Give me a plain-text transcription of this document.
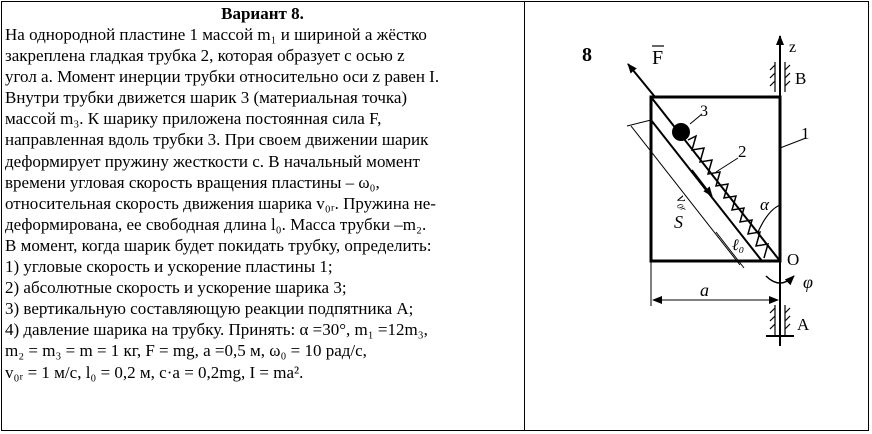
Вариант 8.
На однородной пластине 1 массой m₁ и шириной a жёстко
закреплена гладкая трубка 2, которая образует с осью z
угол a. Момент инерции трубки относительно оси z равен I.
Внутри трубки движется шарик 3 (материальная точка)
массой m₃. К шарику приложена постоянная сила F,
направленная вдоль трубки 3. При своем движении шарик
деформирует пружину жесткости c. В начальный момент
времени угловая скорость вращения пластины – ω₀,
относительная скорость движения шарика v₀ᵣ. Пружина не-
деформирована, ее свободная длина l₀. Масса трубки –m₂.
В момент, когда шарик будет покидать трубку, определить:
1) угловые скорость и ускорение пластины 1;
2) абсолютные скорость и ускорение шарика 3;
3) вертикальную составляющую реакции подпятника A;
4) давление шарика на трубку. Принять: α =30°, m₁ =12m₃,
m₂ = m₃ = m = 1 кг, F = mg, a =0,5 м, ω₀ = 10 рад/с,
v₀ᵣ = 1 м/с, l₀ = 0,2 м, c·a = 0,2mg, I = ma².
8	z
B
A
3
F
2
1
v₀ᵣ
S
ℓ₀
α
O
φ
a
